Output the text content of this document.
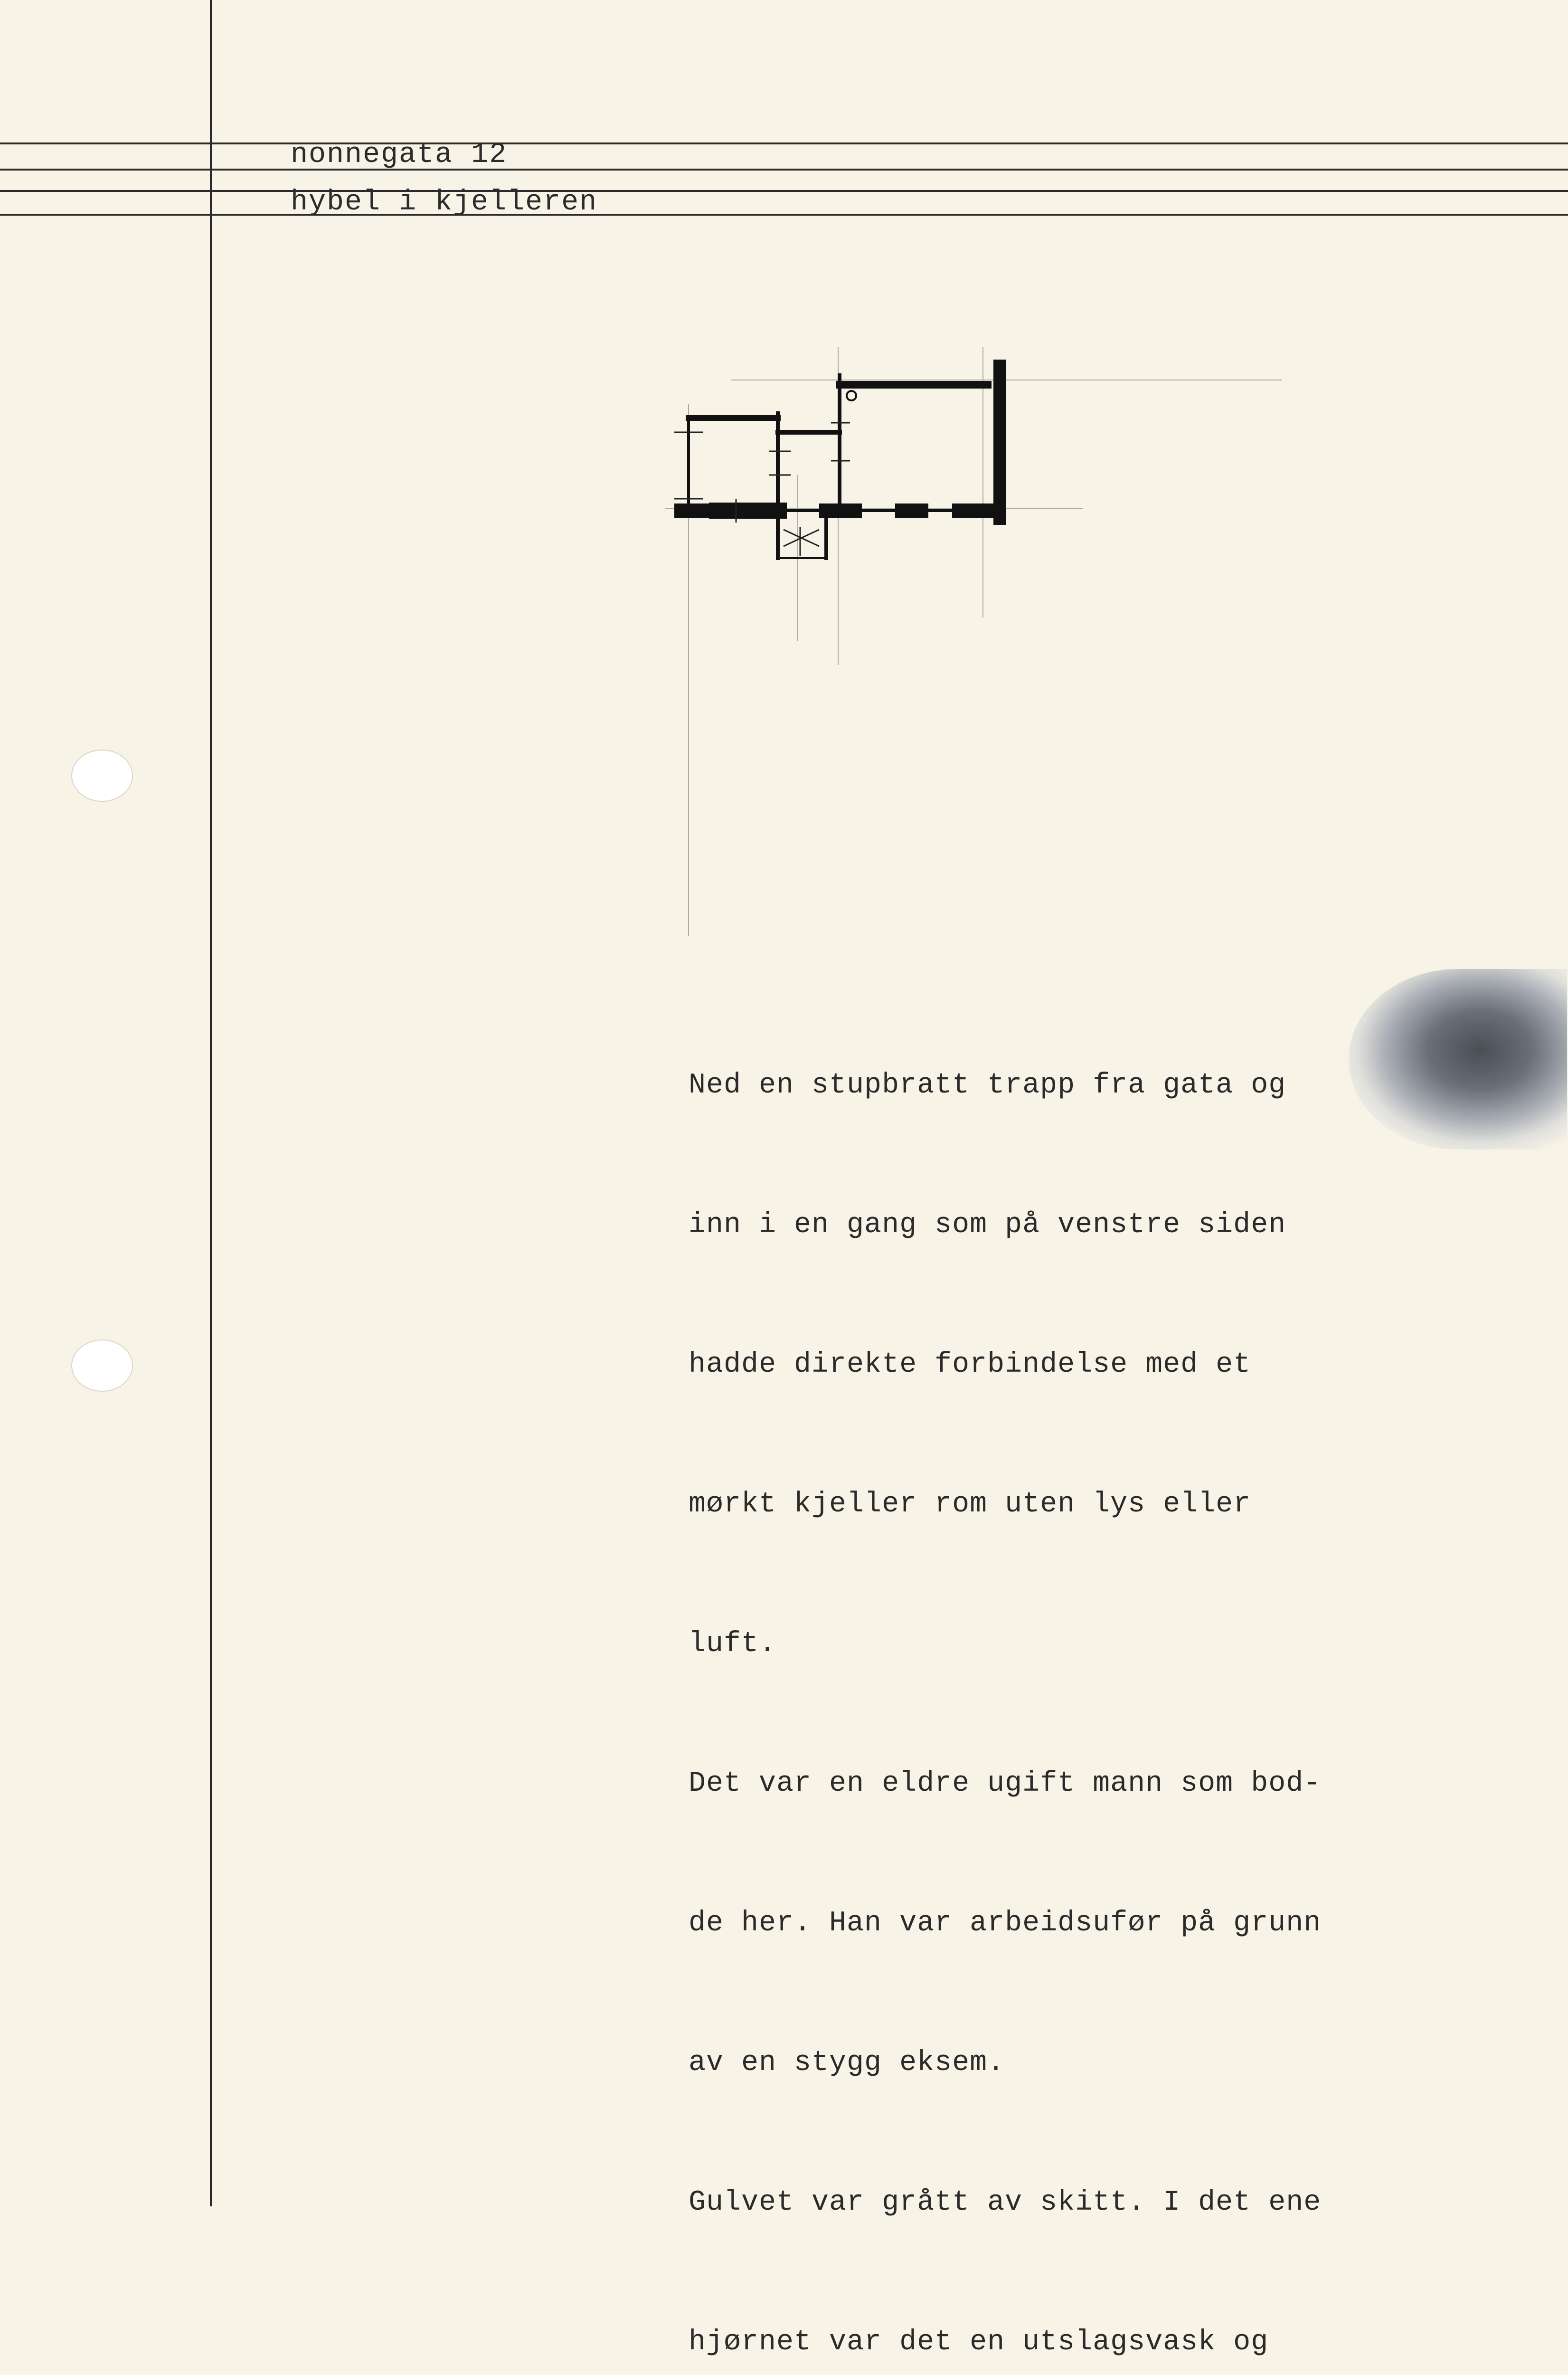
nonnegata 12
hybel i kjelleren

Ned en stupbratt trapp fra gata og

inn i en gang som på venstre siden

hadde direkte forbindelse med et

mørkt kjeller rom uten lys eller

luft.

Det var en eldre ugift mann som bod-

de her. Han var arbeidsufør på grunn

av en stygg eksem.

Gulvet var grått av skitt. I det ene

hjørnet var det en utslagsvask og
